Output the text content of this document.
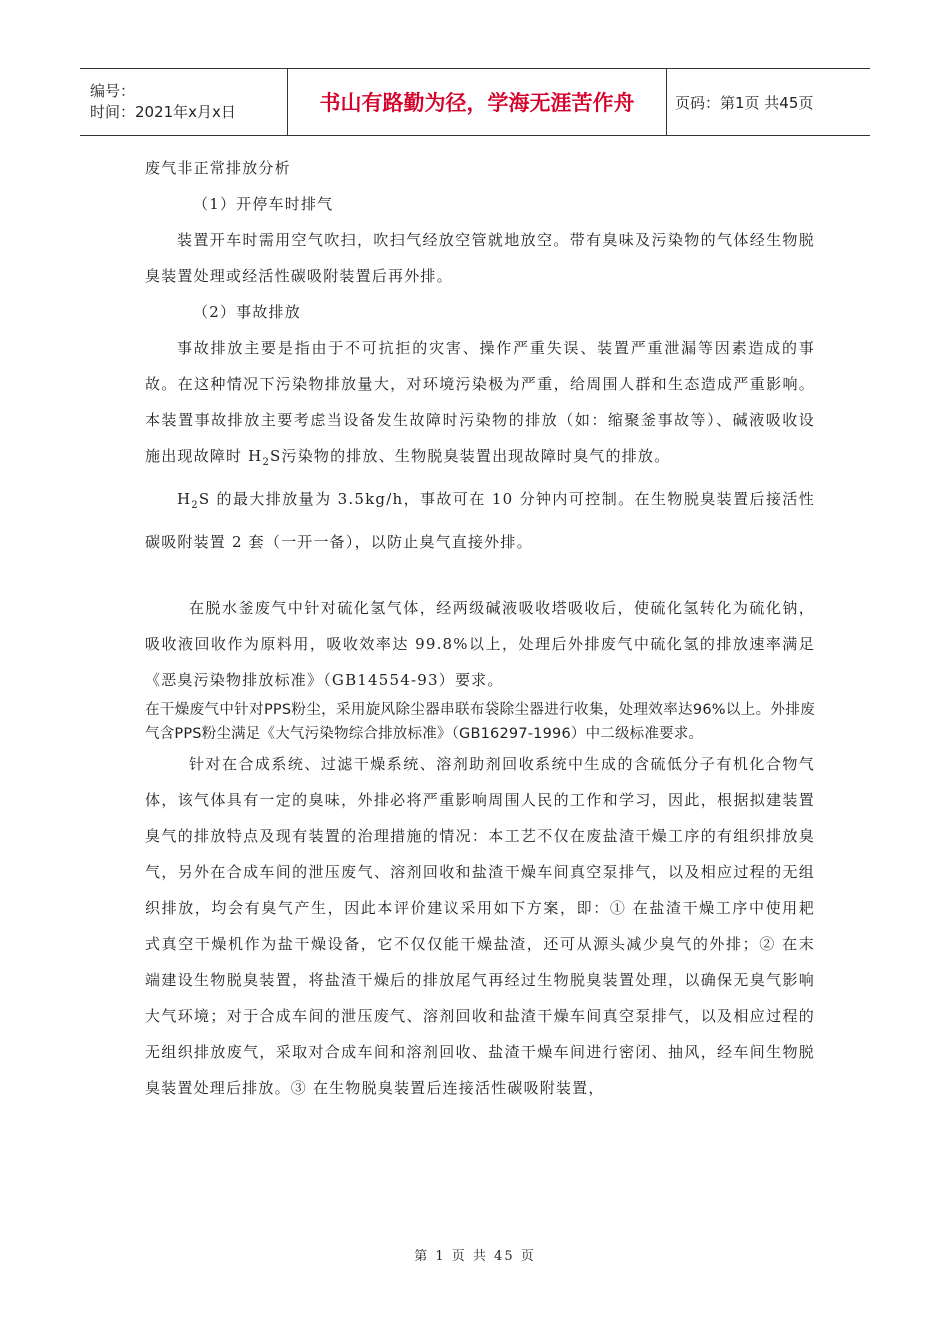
编号：
时间：2021年x月x日	书山有路勤为径，学海无涯苦作舟	页码：第1页 共45页

废气非正常排放分析

（1）开停车时排气

装置开车时需用空气吹扫，吹扫气经放空管就地放空。带有臭味及污染物的气体经生物脱臭装置处理或经活性碳吸附装置后再外排。

（2）事故排放

事故排放主要是指由于不可抗拒的灾害、操作严重失误、装置严重泄漏等因素造成的事故。在这种情况下污染物排放量大，对环境污染极为严重，给周围人群和生态造成严重影响。本装置事故排放主要考虑当设备发生故障时污染物的排放（如：缩聚釜事故等）、碱液吸收设施出现故障时 $H_2S$污染物的排放、生物脱臭装置出现故障时臭气的排放。

$H_2S$ 的最大排放量为 3.5kg/h，事故可在 10 分钟内可控制。在生物脱臭装置后接活性碳吸附装置 2 套（一开一备），以防止臭气直接外排。

在脱水釜废气中针对硫化氢气体，经两级碱液吸收塔吸收后，使硫化氢转化为硫化钠，吸收液回收作为原料用，吸收效率达 99.8%以上，处理后外排废气中硫化氢的排放速率满足《恶臭污染物排放标准》（GB14554-93）要求。

在干燥废气中针对PPS粉尘，采用旋风除尘器串联布袋除尘器进行收集，处理效率达96%以上。外排废气含PPS粉尘满足《大气污染物综合排放标准》（GB16297-1996）中二级标准要求。

针对在合成系统、过滤干燥系统、溶剂助剂回收系统中生成的含硫低分子有机化合物气体，该气体具有一定的臭味，外排必将严重影响周围人民的工作和学习，因此，根据拟建装置臭气的排放特点及现有装置的治理措施的情况：本工艺不仅在废盐渣干燥工序的有组织排放臭气，另外在合成车间的泄压废气、溶剂回收和盐渣干燥车间真空泵排气，以及相应过程的无组织排放，均会有臭气产生，因此本评价建议采用如下方案，即：① 在盐渣干燥工序中使用耙式真空干燥机作为盐干燥设备，它不仅仅能干燥盐渣，还可从源头减少臭气的外排；② 在末端建设生物脱臭装置，将盐渣干燥后的排放尾气再经过生物脱臭装置处理，以确保无臭气影响大气环境；对于合成车间的泄压废气、溶剂回收和盐渣干燥车间真空泵排气，以及相应过程的无组织排放废气，采取对合成车间和溶剂回收、盐渣干燥车间进行密闭、抽风，经车间生物脱臭装置处理后排放。③ 在生物脱臭装置后连接活性碳吸附装置，

第 1 页 共 45 页
